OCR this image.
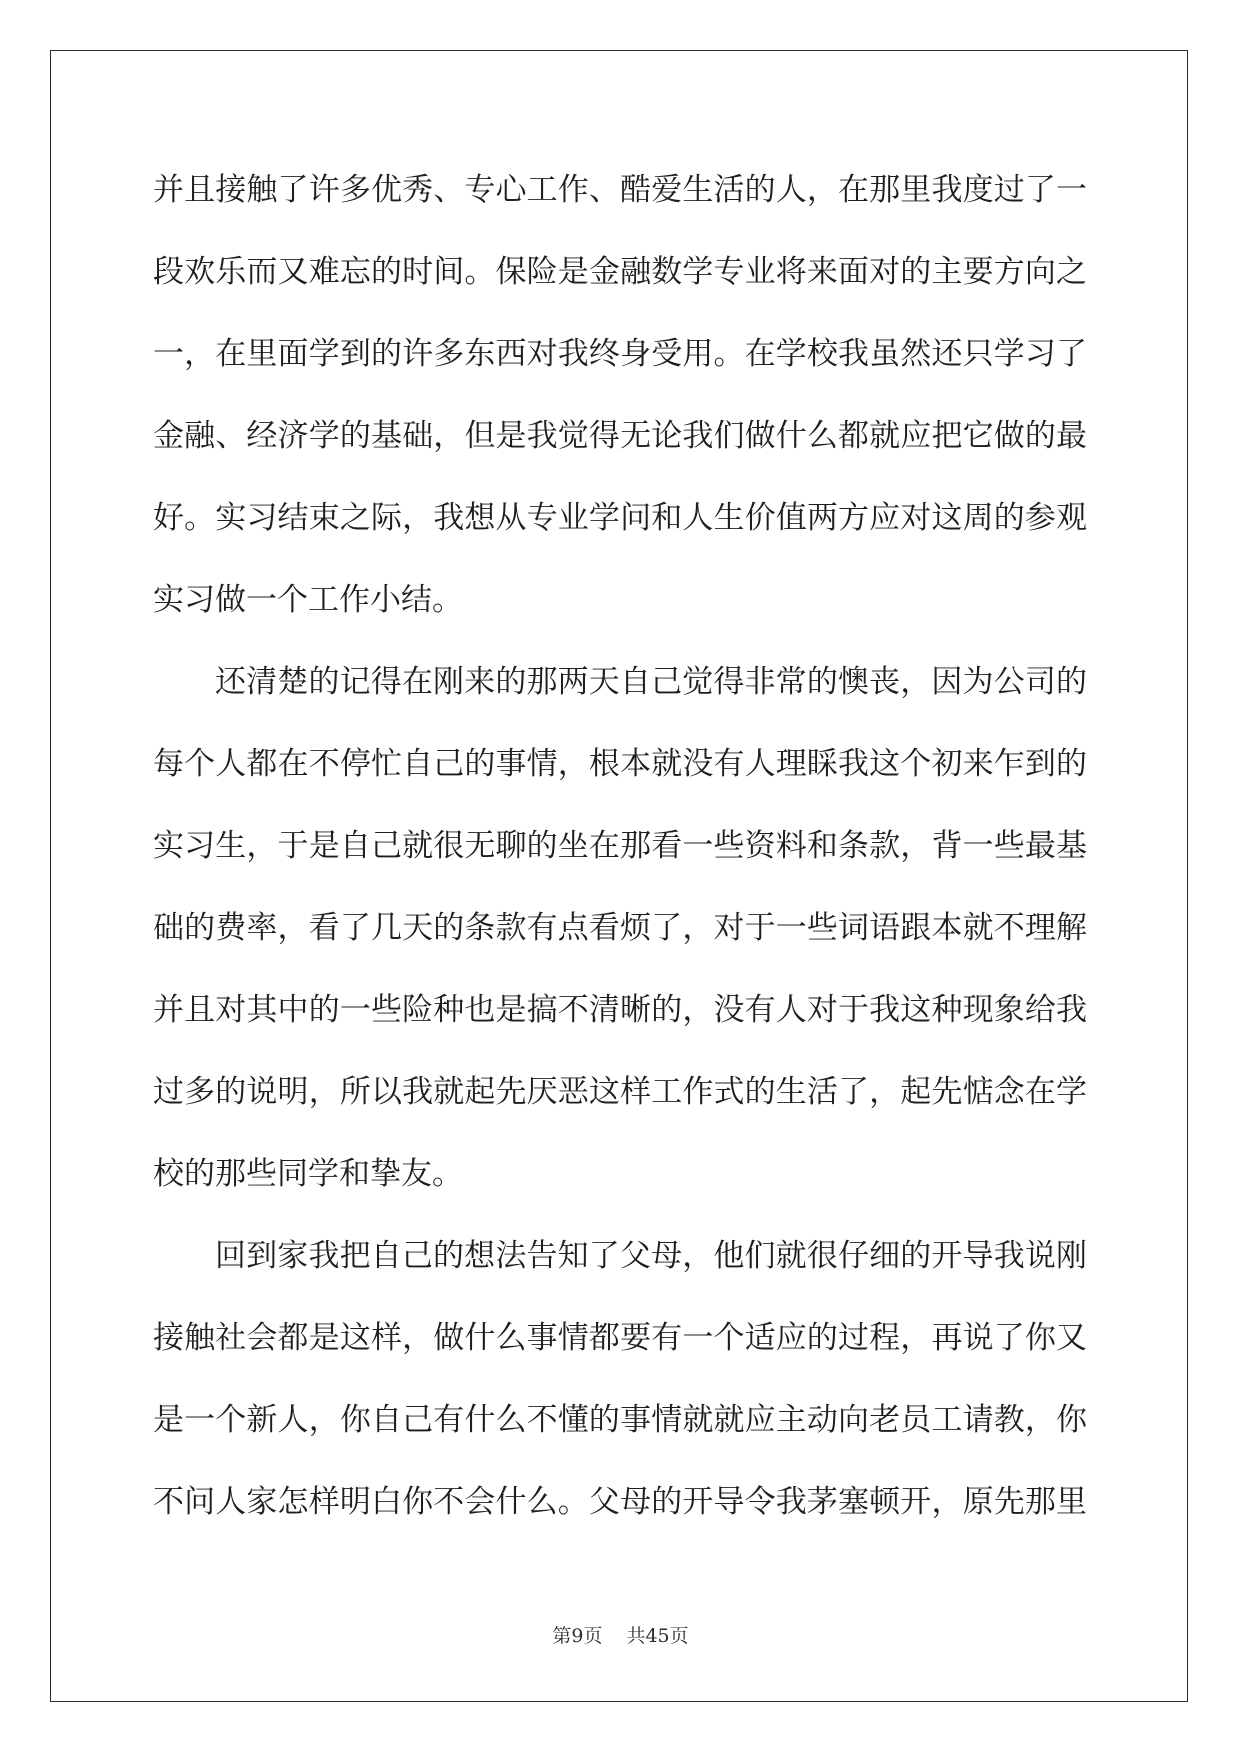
并且接触了许多优秀、专心工作、酷爱生活的人，在那里我度过了一
段欢乐而又难忘的时间。保险是金融数学专业将来面对的主要方向之
一，在里面学到的许多东西对我终身受用。在学校我虽然还只学习了
金融、经济学的基础，但是我觉得无论我们做什么都就应把它做的最
好。实习结束之际，我想从专业学问和人生价值两方应对这周的参观
实习做一个工作小结。
还清楚的记得在刚来的那两天自己觉得非常的懊丧，因为公司的
每个人都在不停忙自己的事情，根本就没有人理睬我这个初来乍到的
实习生，于是自己就很无聊的坐在那看一些资料和条款，背一些最基
础的费率，看了几天的条款有点看烦了，对于一些词语跟本就不理解
并且对其中的一些险种也是搞不清晰的，没有人对于我这种现象给我
过多的说明，所以我就起先厌恶这样工作式的生活了，起先惦念在学
校的那些同学和挚友。
回到家我把自己的想法告知了父母，他们就很仔细的开导我说刚
接触社会都是这样，做什么事情都要有一个适应的过程，再说了你又
是一个新人，你自己有什么不懂的事情就就应主动向老员工请教，你
不问人家怎样明白你不会什么。父母的开导令我茅塞顿开，原先那里
第9页 共45页
